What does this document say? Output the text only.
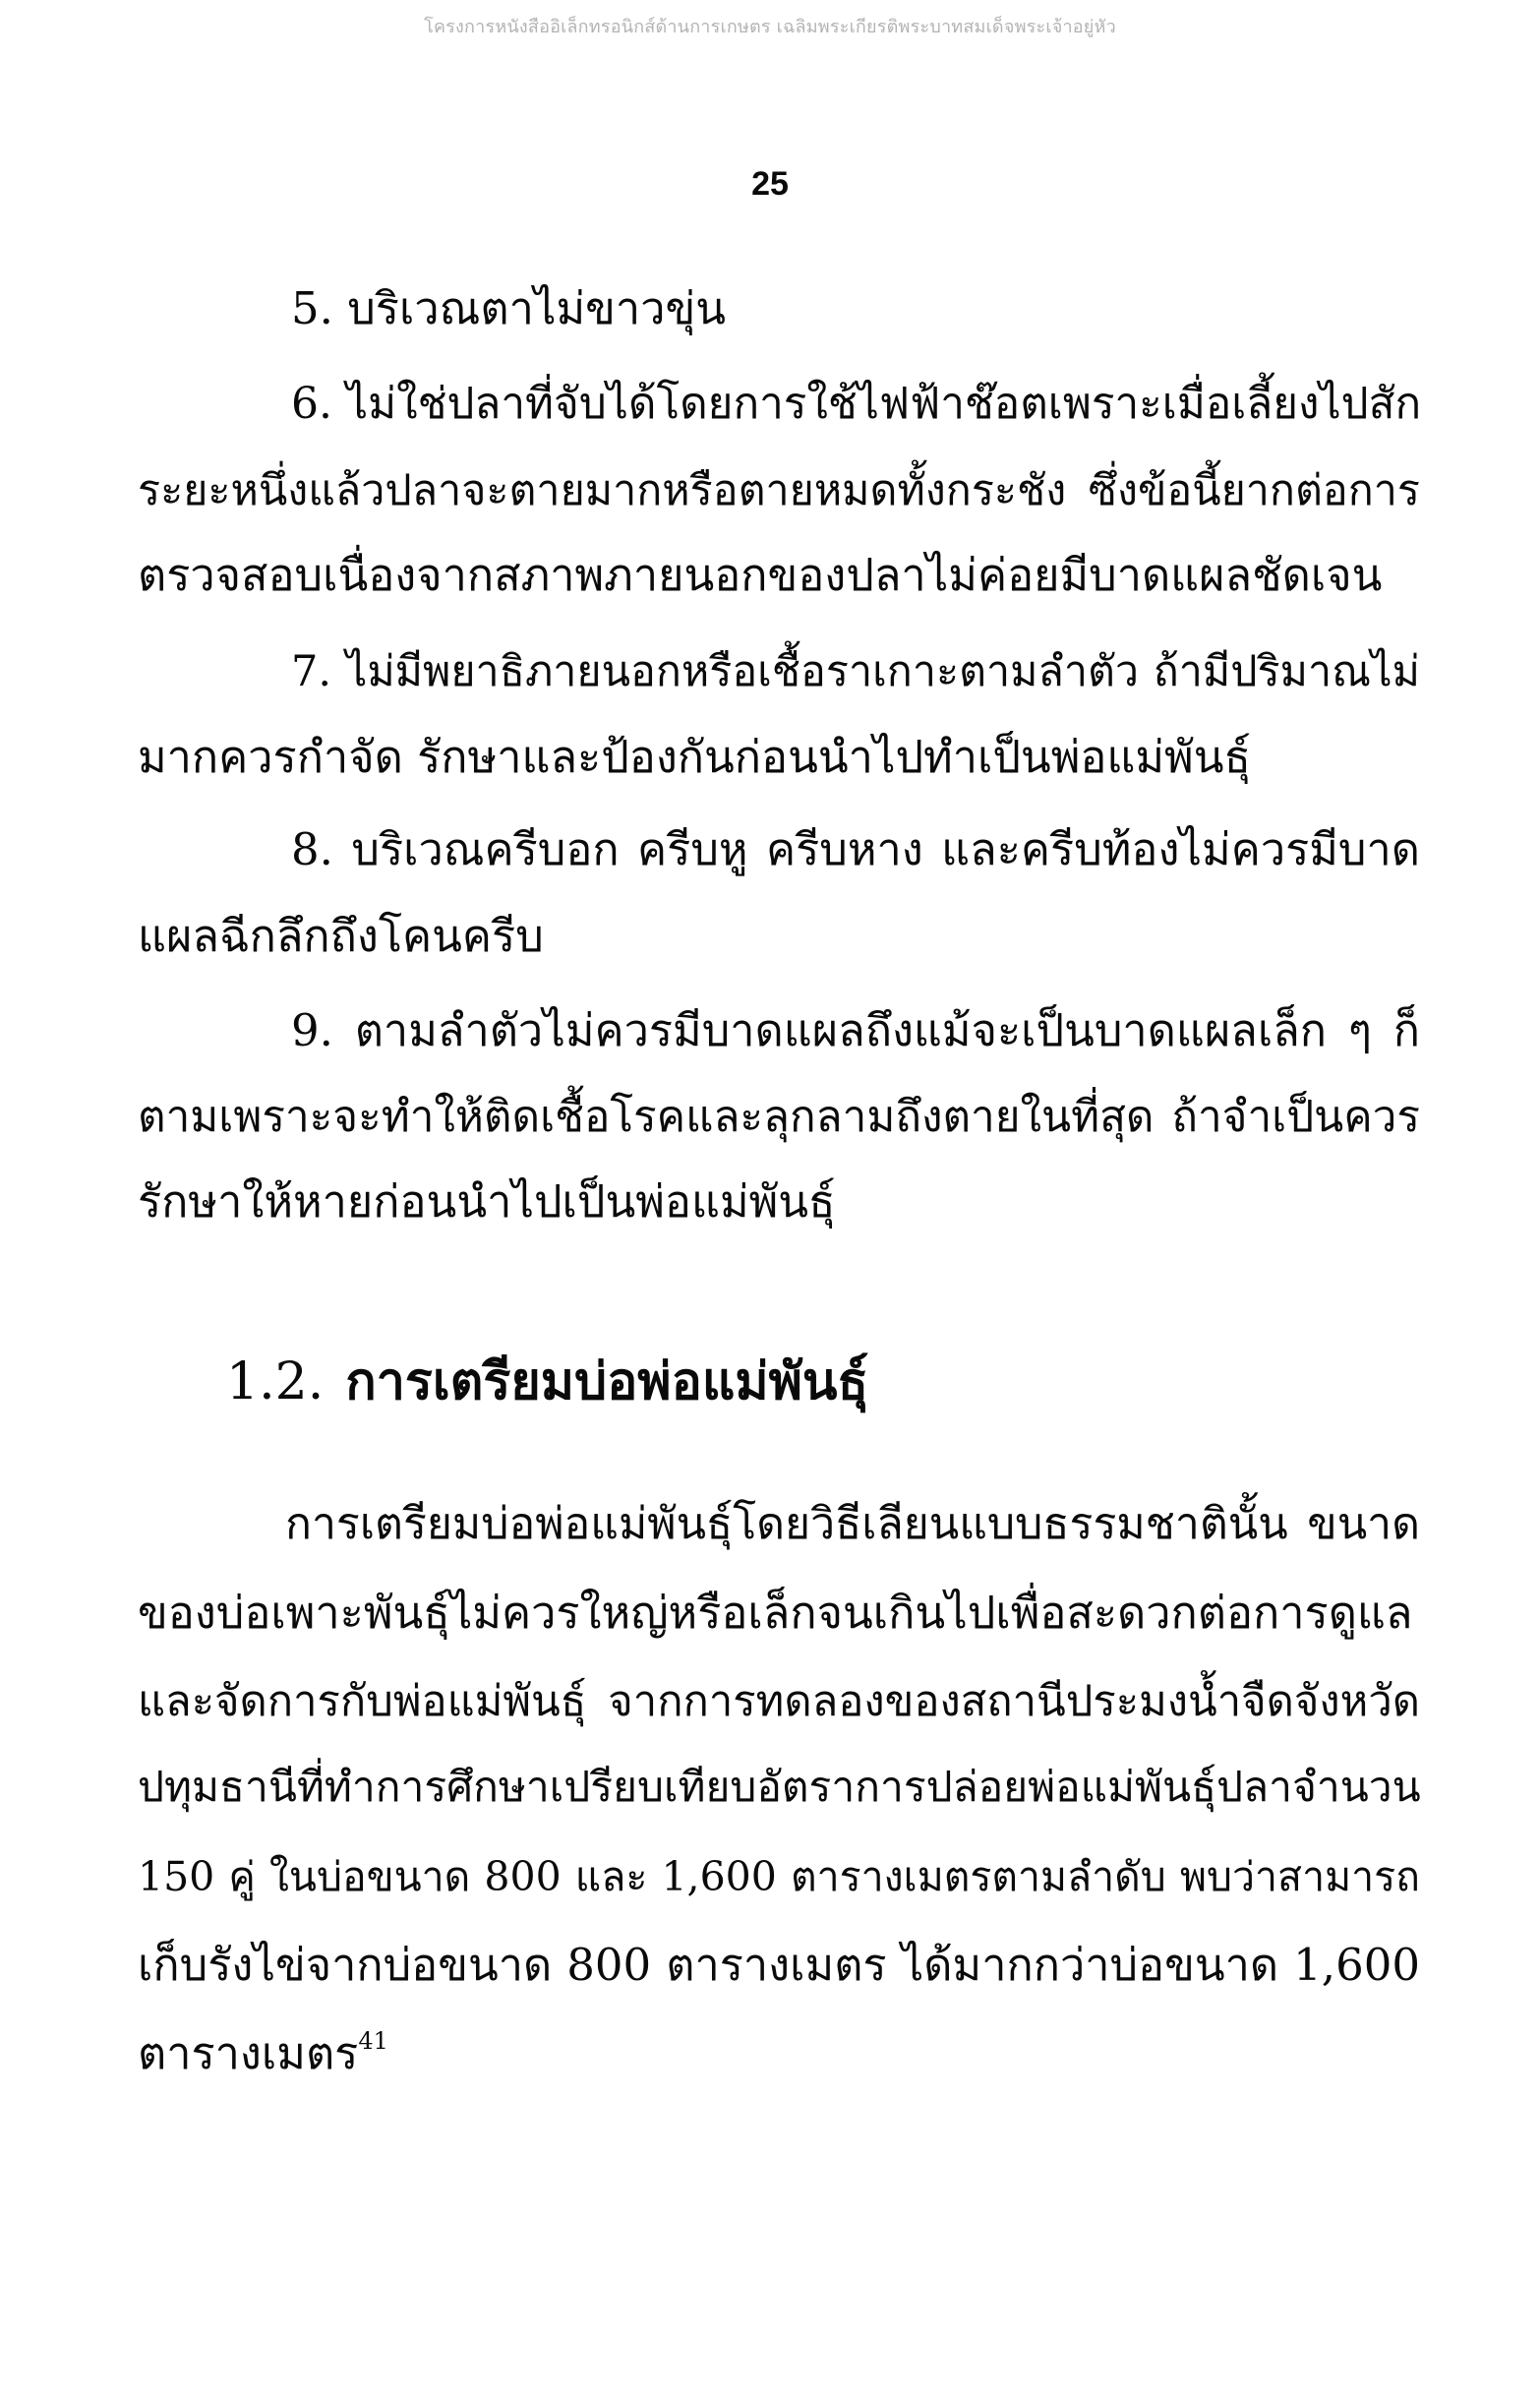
โครงการหนังสืออิเล็กทรอนิกส์ด้านการเกษตร เฉลิมพระเกียรติพระบาทสมเด็จพระเจ้าอยู่หัว
25
5. บริเวณตาไม่ขาวขุ่น
6. ไม่ใช่ปลาที่จับได้โดยการใช้ไฟฟ้าช๊อตเพราะเมื่อเลี้ยงไปสัก
ระยะหนึ่งแล้วปลาจะตายมากหรือตายหมดทั้งกระชัง ซึ่งข้อนี้ยากต่อการ
ตรวจสอบเนื่องจากสภาพภายนอกของปลาไม่ค่อยมีบาดแผลชัดเจน
7. ไม่มีพยาธิภายนอกหรือเชื้อราเกาะตามลำตัว ถ้ามีปริมาณไม่
มากควรกำจัด รักษาและป้องกันก่อนนำไปทำเป็นพ่อแม่พันธุ์
8. บริเวณครีบอก ครีบหู ครีบหาง และครีบท้องไม่ควรมีบาด
แผลฉีกลึกถึงโคนครีบ
9. ตามลำตัวไม่ควรมีบาดแผลถึงแม้จะเป็นบาดแผลเล็ก ๆ ก็
ตามเพราะจะทำให้ติดเชื้อโรคและลุกลามถึงตายในที่สุด ถ้าจำเป็นควร
รักษาให้หายก่อนนำไปเป็นพ่อแม่พันธุ์
1.2. การเตรียมบ่อพ่อแม่พันธุ์
การเตรียมบ่อพ่อแม่พันธุ์โดยวิธีเลียนแบบธรรมชาตินั้น ขนาด
ของบ่อเพาะพันธุ์ไม่ควรใหญ่หรือเล็กจนเกินไปเพื่อสะดวกต่อการดูแล
และจัดการกับพ่อแม่พันธุ์ จากการทดลองของสถานีประมงน้ำจืดจังหวัด
ปทุมธานีที่ทำการศึกษาเปรียบเทียบอัตราการปล่อยพ่อแม่พันธุ์ปลาจำนวน
150 คู่ ในบ่อขนาด 800 และ 1,600 ตารางเมตรตามลำดับ พบว่าสามารถ
เก็บรังไข่จากบ่อขนาด 800 ตารางเมตร ได้มากกว่าบ่อขนาด 1,600
ตารางเมตร$^{41}$
